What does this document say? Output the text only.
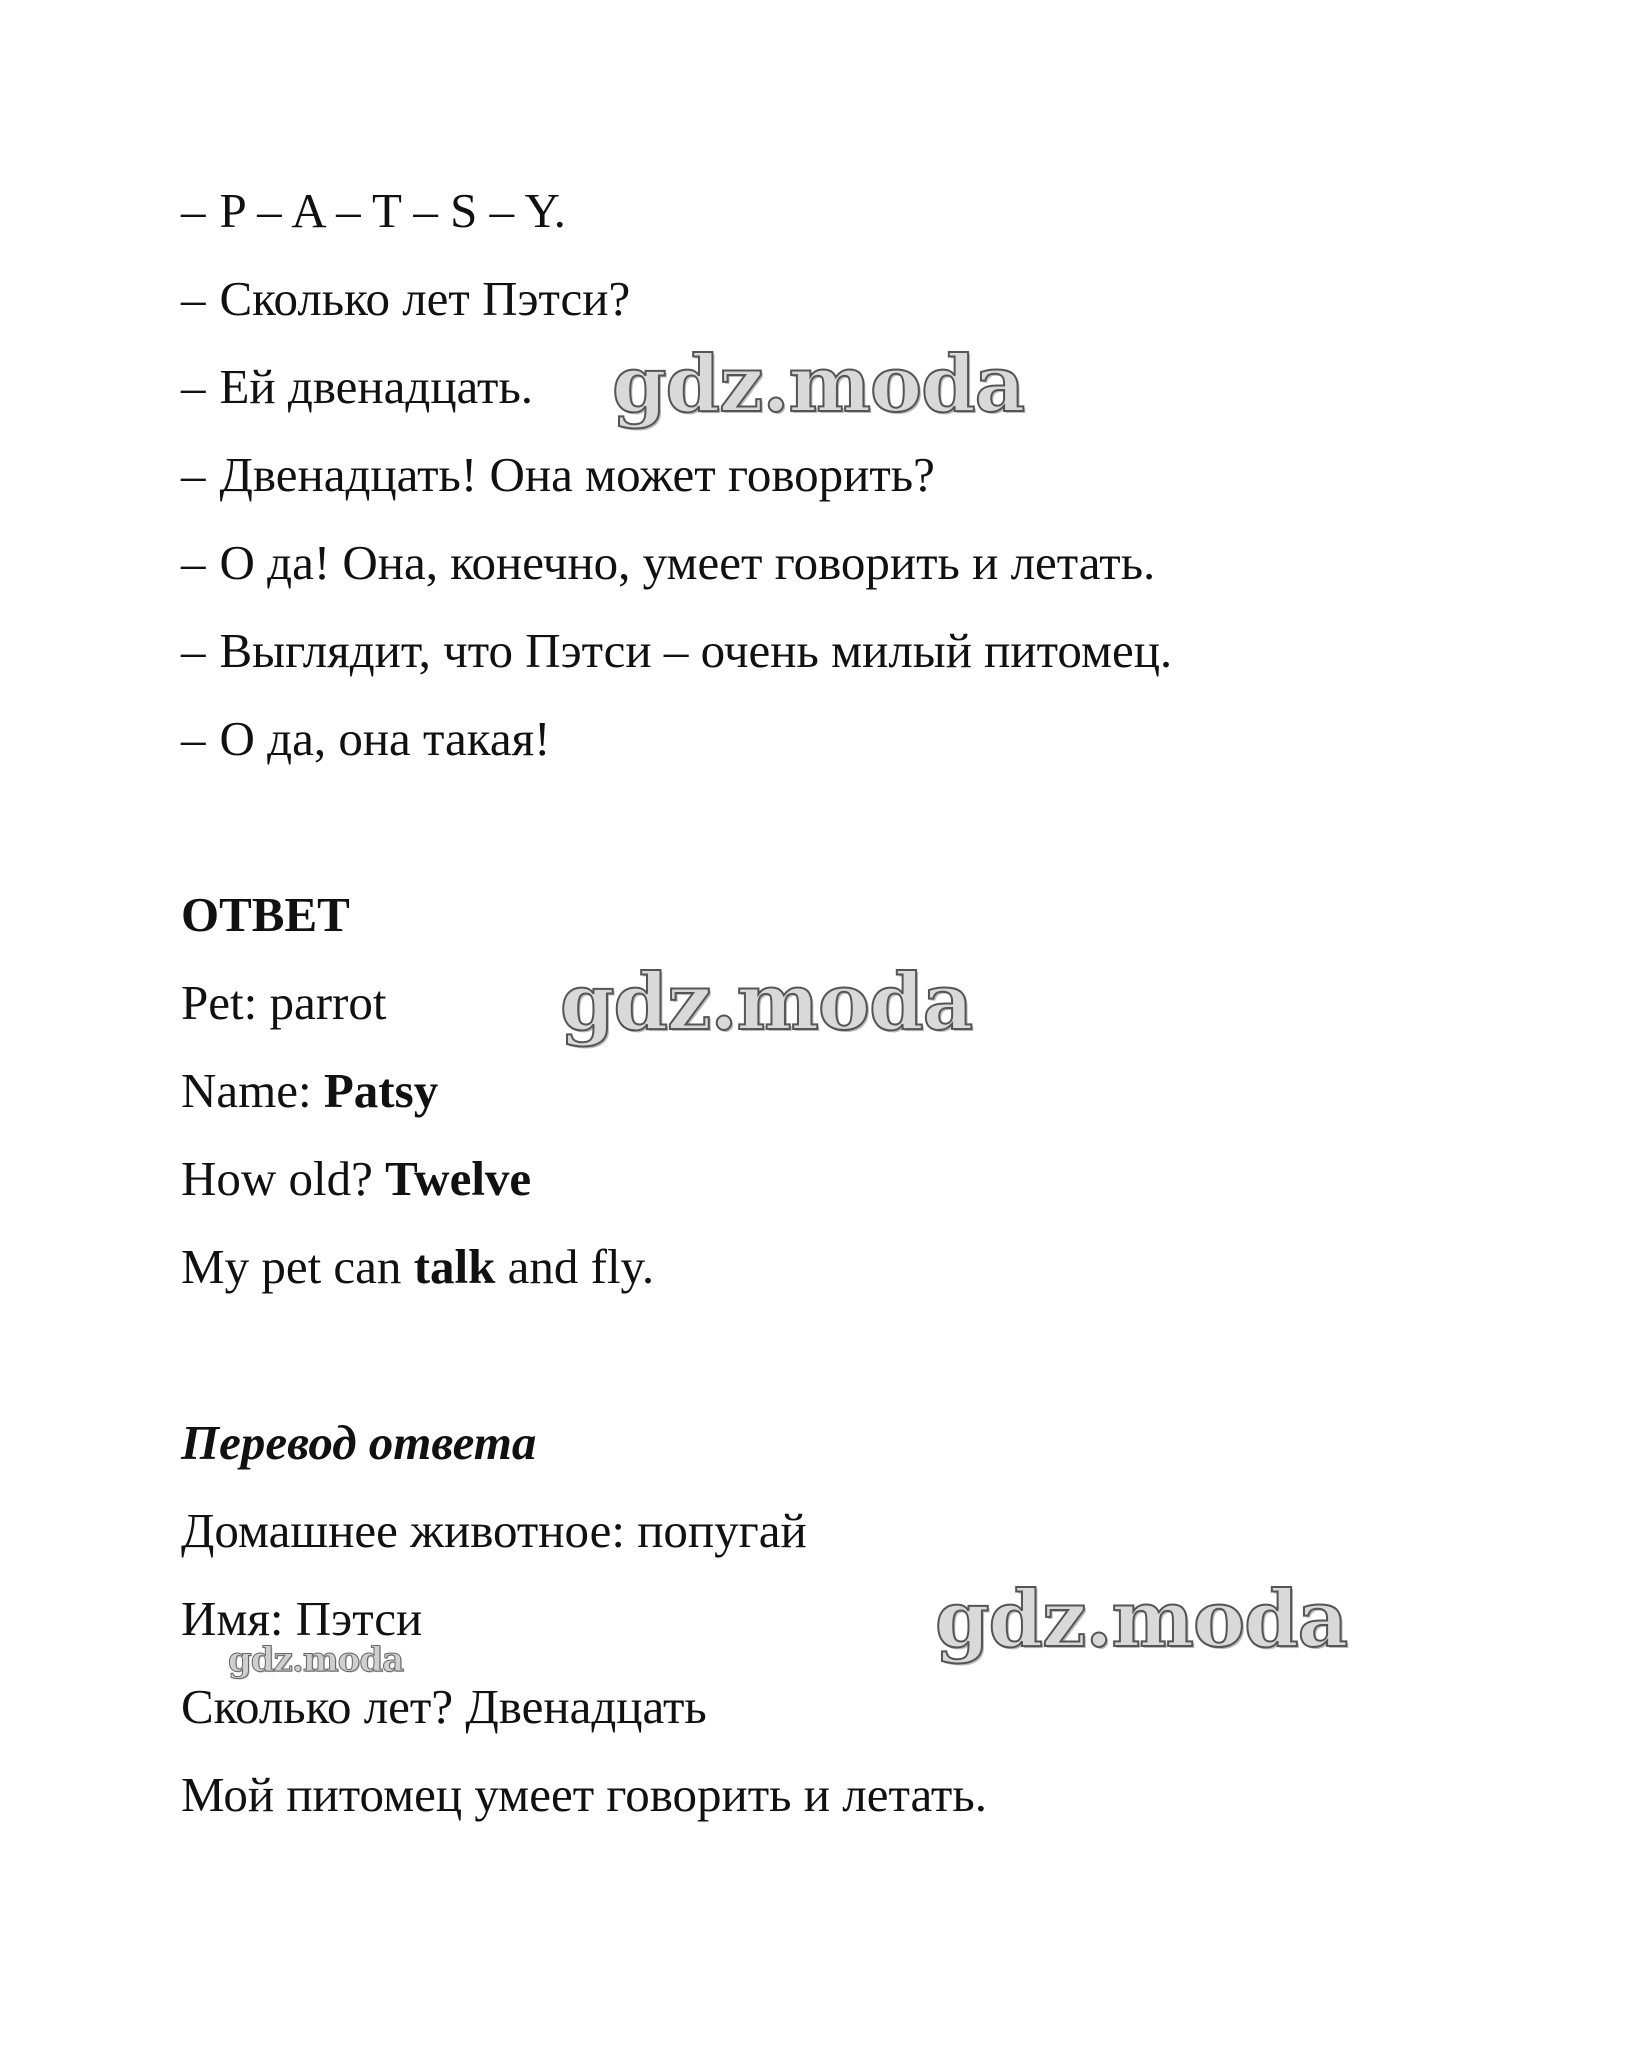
– P – A – T – S – Y.
– Сколько лет Пэтси?
– Ей двенадцать.
– Двенадцать! Она может говорить?
– О да! Она, конечно, умеет говорить и летать.
– Выглядит, что Пэтси – очень милый питомец.
– О да, она такая!
ОТВЕТ
Pet: parrot
Name: Patsy
How old? Twelve
My pet can talk and fly.
Перевод ответа
Домашнее животное: попугай
Имя: Пэтси
Сколько лет? Двенадцать
Мой питомец умеет говорить и летать.
gdz.moda
gdz.moda
gdz.moda
gdz.moda
